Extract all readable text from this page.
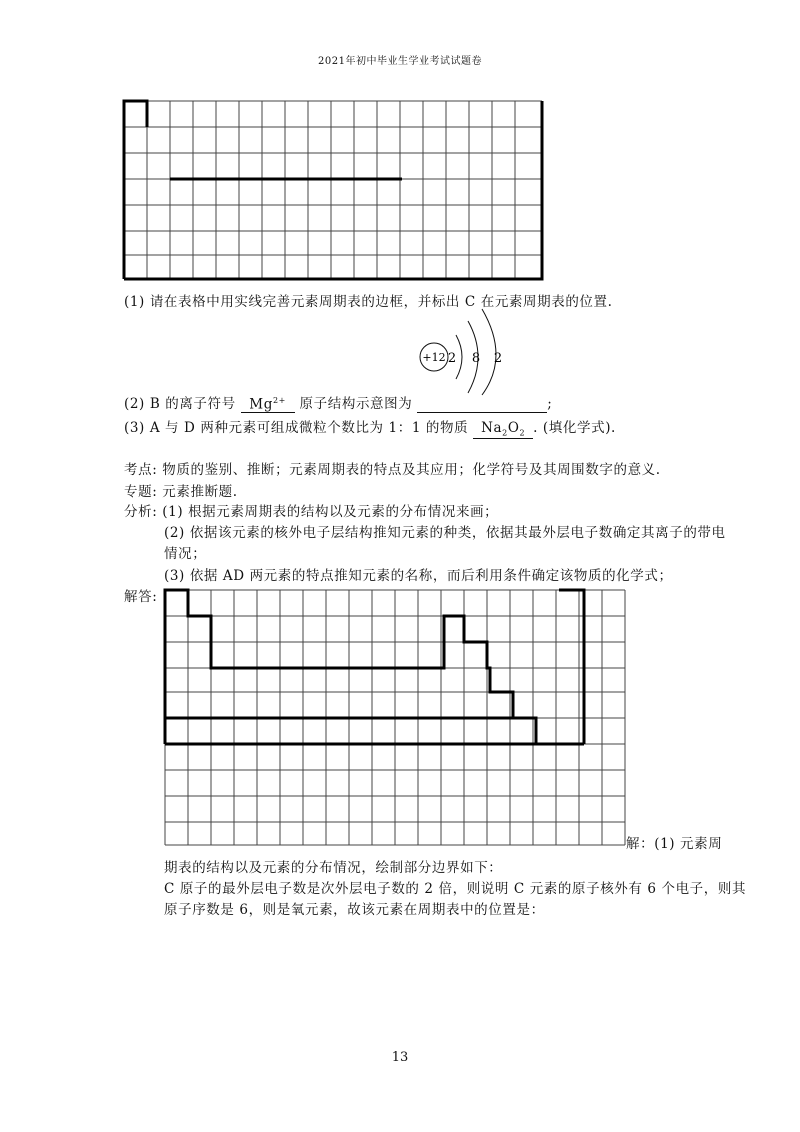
2021年初中毕业生学业考试试题卷
(1) 请在表格中用实线完善元素周期表的边框，并标出 C 在元素周期表的位置.
+12 2 8 2
(2) B 的离子符号 $Mg^{2+}$ 原子结构示意图为	;
(3) A 与 D 两种元素可组成微粒个数比为 1：1 的物质 $Na_2O_2$ . (填化学式).
考点: 物质的鉴别、推断；元素周期表的特点及其应用；化学符号及其周围数字的意义.
专题: 元素推断题.
分析: (1) 根据元素周期表的结构以及元素的分布情况来画；
(2) 依据该元素的核外电子层结构推知元素的种类，依据其最外层电子数确定其离子的带电
情况；
(3) 依据 AD 两元素的特点推知元素的名称，而后利用条件确定该物质的化学式；
解答:
解：(1) 元素周
期表的结构以及元素的分布情况，绘制部分边界如下：
C 原子的最外层电子数是次外层电子数的 2 倍，则说明 C 元素的原子核外有 6 个电子，则其
原子序数是 6，则是氧元素，故该元素在周期表中的位置是：
13
